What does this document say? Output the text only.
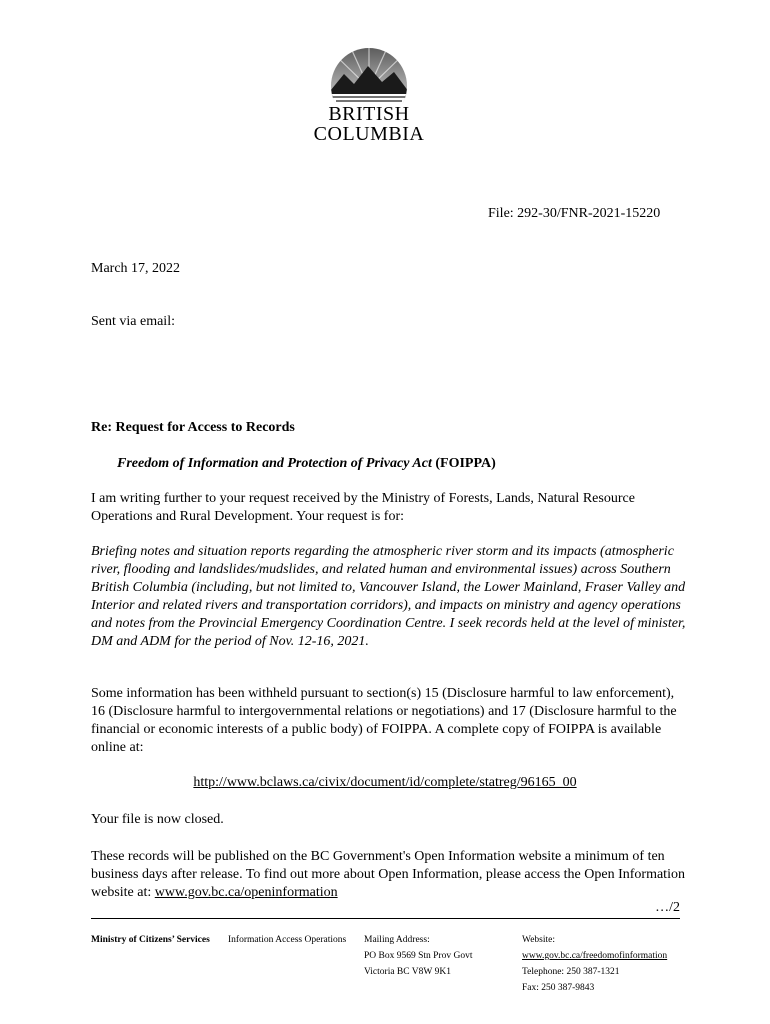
BRITISH
COLUMBIA
File: 292-30/FNR-2021-15220
March 17, 2022
Sent via email:
Re: Request for Access to Records
Freedom of Information and Protection of Privacy Act (FOIPPA)

I am writing further to your request received by the Ministry of Forests, Lands, Natural Resource Operations and Rural Development. Your request is for:

Briefing notes and situation reports regarding the atmospheric river storm and its impacts (atmospheric river, flooding and landslides/mudslides, and related human and environmental issues) across Southern British Columbia (including, but not limited to, Vancouver Island, the Lower Mainland, Fraser Valley and Interior and related rivers and transportation corridors), and impacts on ministry and agency operations and notes from the Provincial Emergency Coordination Centre. I seek records held at the level of minister, DM and ADM for the period of Nov. 12-16, 2021.

Some information has been withheld pursuant to section(s) 15 (Disclosure harmful to law enforcement), 16 (Disclosure harmful to intergovernmental relations or negotiations) and 17 (Disclosure harmful to the financial or economic interests of a public body) of FOIPPA. A complete copy of FOIPPA is available online at:

http://www.bclaws.ca/civix/document/id/complete/statreg/96165_00
Your file is now closed.

These records will be published on the BC Government's Open Information website a minimum of ten business days after release. To find out more about Open Information, please access the Open Information website at: www.gov.bc.ca/openinformation

…/2
Ministry of Citizens’ Services Information Access Operations Mailing Address:
PO Box 9569 Stn Prov Govt
Victoria BC V8W 9K1
Website:
www.gov.bc.ca/freedomofinformation
Telephone: 250 387-1321
Fax: 250 387-9843
